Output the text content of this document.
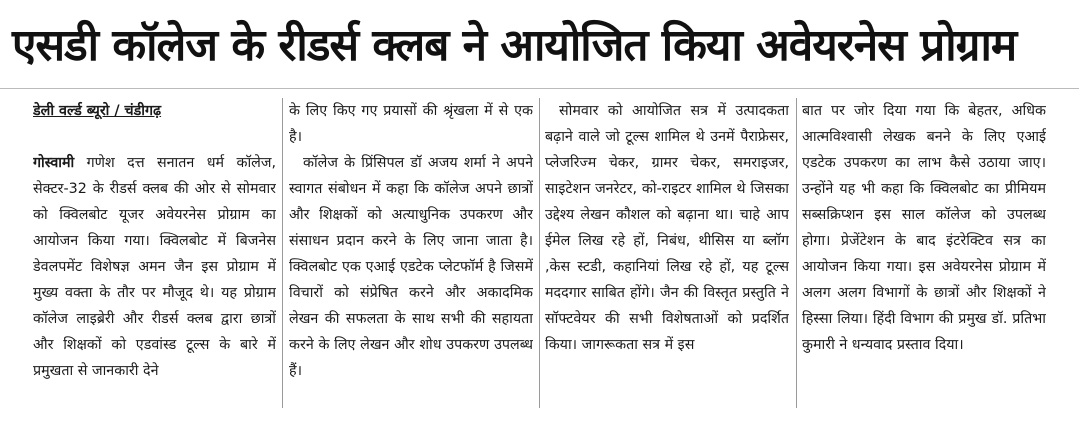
एसडी कॉलेज के रीडर्स क्लब ने आयोजित किया अवेयरनेस प्रोग्राम
डेली वर्ल्ड ब्यूरो / चंडीगढ़

गोस्वामी गणेश दत्त सनातन धर्म कॉलेज, सेक्टर-32 के रीडर्स क्लब की ओर से सोमवार को क्विलबोट यूजर अवेयरनेस प्रोग्राम का आयोजन किया गया। क्विलबोट में बिजनेस डेवलपमेंट विशेषज्ञ अमन जैन इस प्रोग्राम में मुख्य वक्ता के तौर पर मौजूद थे। यह प्रोग्राम कॉलेज लाइब्रेरी और रीडर्स क्लब द्वारा छात्रों और शिक्षकों को एडवांस्ड टूल्स के बारे में प्रमुखता से जानकारी देने

के लिए किए गए प्रयासों की श्रृंखला में से एक है।

कॉलेज के प्रिंसिपल डॉ अजय शर्मा ने अपने स्वागत संबोधन में कहा कि कॉलेज अपने छात्रों और शिक्षकों को अत्याधुनिक उपकरण और संसाधन प्रदान करने के लिए जाना जाता है। क्विलबोट एक एआई एडटेक प्लेटफॉर्म है जिसमें विचारों को संप्रेषित करने और अकादमिक लेखन की सफलता के साथ सभी की सहायता करने के लिए लेखन और शोध उपकरण उपलब्ध हैं।

सोमवार को आयोजित सत्र में उत्पादकता बढ़ाने वाले जो टूल्स शामिल थे उनमें पैराफ्रेसर, प्लेजरिज्म चेकर, ग्रामर चेकर, समराइजर, साइटेशन जनरेटर, को-राइटर शामिल थे जिसका उद्देश्य लेखन कौशल को बढ़ाना था। चाहे आप ईमेल लिख रहे हों, निबंध, थीसिस या ब्लॉग ,केस स्टडी, कहानियां लिख रहे हों, यह टूल्स मददगार साबित होंगे। जैन की विस्तृत प्रस्तुति ने सॉफ्टवेयर की सभी विशेषताओं को प्रदर्शित किया। जागरूकता सत्र में इस

बात पर जोर दिया गया कि बेहतर, अधिक आत्मविश्वासी लेखक बनने के लिए एआई एडटेक उपकरण का लाभ कैसे उठाया जाए। उन्होंने यह भी कहा कि क्विलबोट का प्रीमियम सब्सक्रिप्शन इस साल कॉलेज को उपलब्ध होगा। प्रेजेंटेशन के बाद इंटरेक्टिव सत्र का आयोजन किया गया। इस अवेयरनेस प्रोग्राम में अलग अलग विभागों के छात्रों और शिक्षकों ने हिस्सा लिया। हिंदी विभाग की प्रमुख डॉ. प्रतिभा कुमारी ने धन्यवाद प्रस्ताव दिया।
